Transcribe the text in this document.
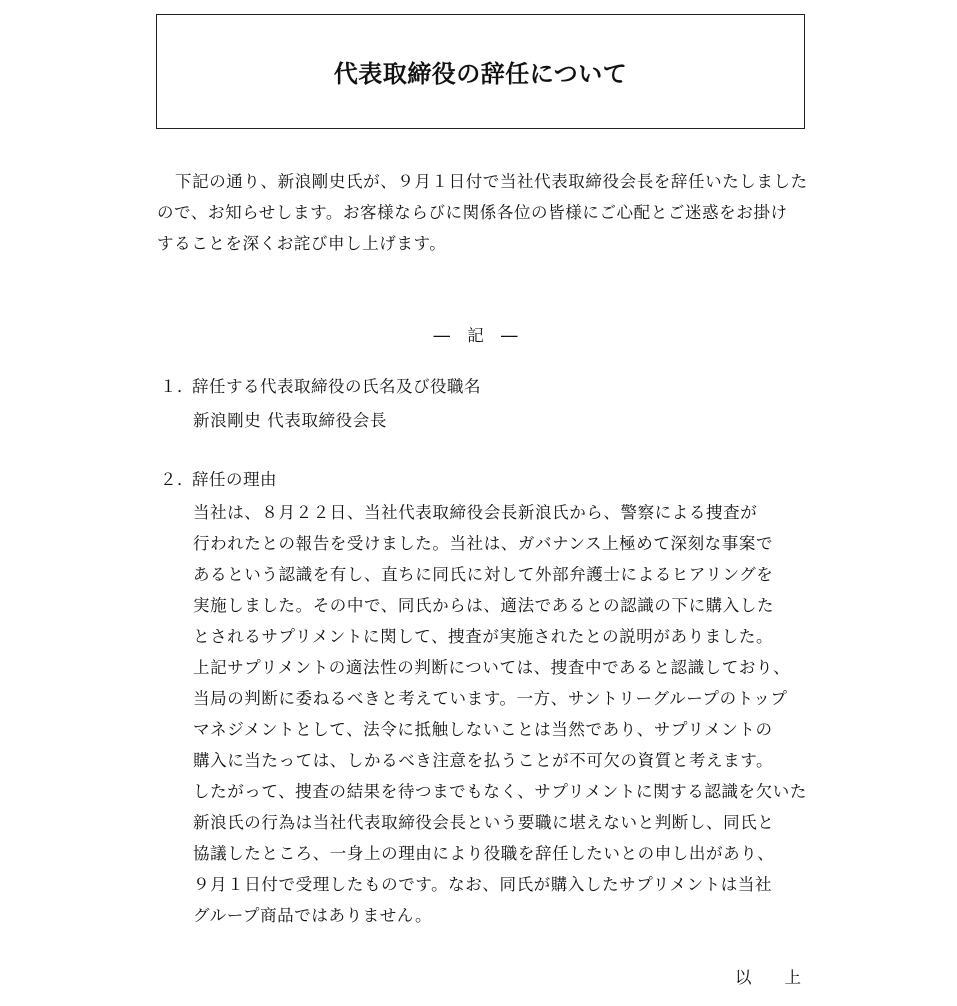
代表取締役の辞任について
下記の通り、新浪剛史氏が、９月１日付で当社代表取締役会長を辞任いたしました
ので、お知らせします。お客様ならびに関係各位の皆様にご心配とご迷惑をお掛け
することを深くお詫び申し上げます。
― 記 ―
１．辞任する代表取締役の氏名及び役職名
新浪剛史 代表取締役会長
２．辞任の理由
当社は、８月２２日、当社代表取締役会長新浪氏から、警察による捜査が
行われたとの報告を受けました。当社は、ガバナンス上極めて深刻な事案で
あるという認識を有し、直ちに同氏に対して外部弁護士によるヒアリングを
実施しました。その中で、同氏からは、適法であるとの認識の下に購入した
とされるサプリメントに関して、捜査が実施されたとの説明がありました。
上記サプリメントの適法性の判断については、捜査中であると認識しており、
当局の判断に委ねるべきと考えています。一方、サントリーグループのトップ
マネジメントとして、法令に抵触しないことは当然であり、サプリメントの
購入に当たっては、しかるべき注意を払うことが不可欠の資質と考えます。
したがって、捜査の結果を待つまでもなく、サプリメントに関する認識を欠いた
新浪氏の行為は当社代表取締役会長という要職に堪えないと判断し、同氏と
協議したところ、一身上の理由により役職を辞任したいとの申し出があり、
９月１日付で受理したものです。なお、同氏が購入したサプリメントは当社
グループ商品ではありません。
以　　上
